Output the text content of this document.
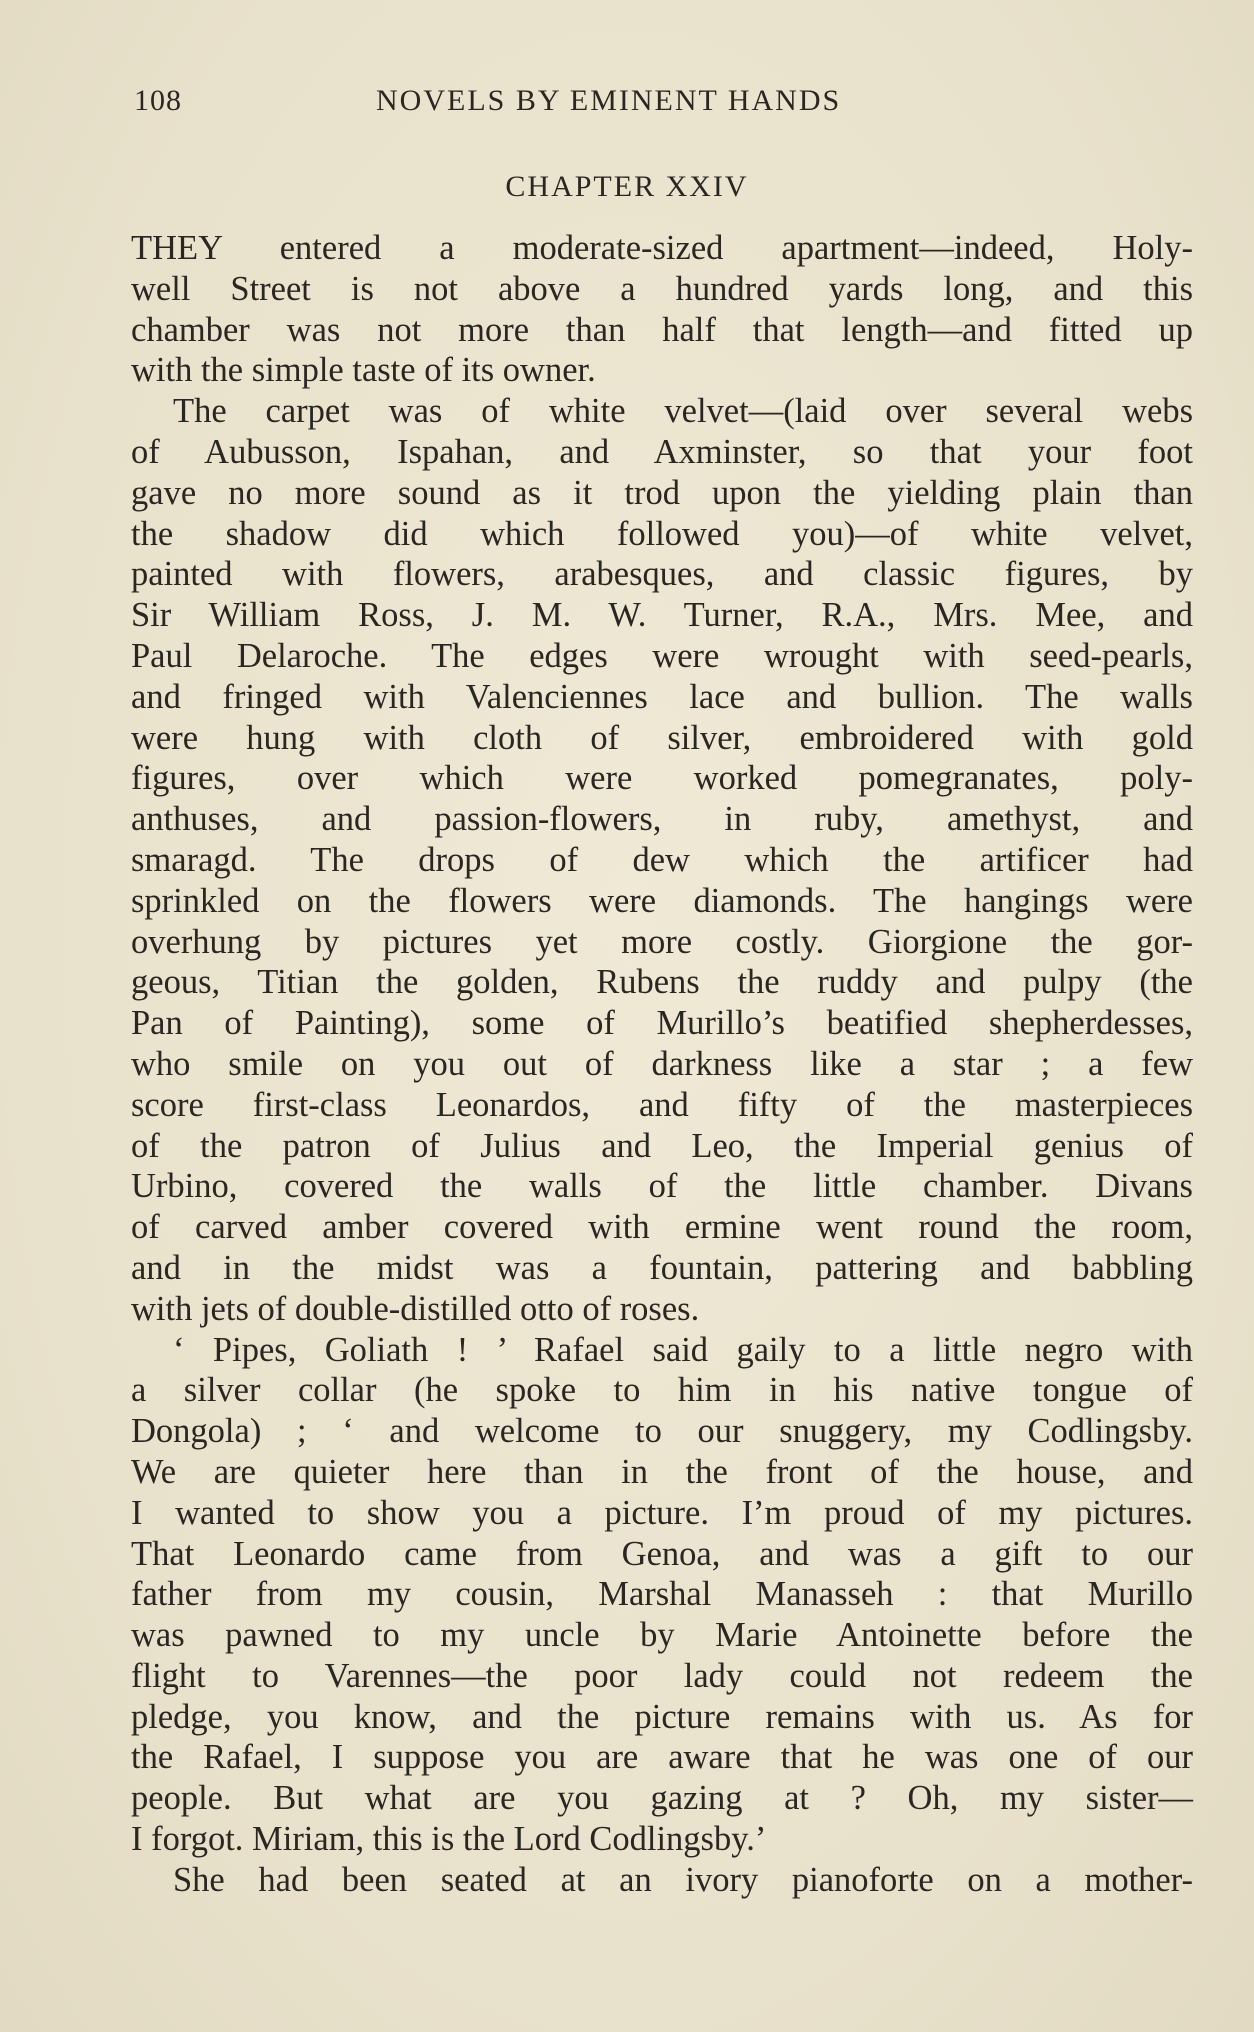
108	NOVELS BY EMINENT HANDS
CHAPTER XXIV
THEY entered a moderate-sized apartment—indeed, Holy-
well Street is not above a hundred yards long, and this
chamber was not more than half that length—and fitted up
with the simple taste of its owner.
The carpet was of white velvet—(laid over several webs
of Aubusson, Ispahan, and Axminster, so that your foot
gave no more sound as it trod upon the yielding plain than
the shadow did which followed you)—of white velvet,
painted with flowers, arabesques, and classic figures, by
Sir William Ross, J. M. W. Turner, R.A., Mrs. Mee, and
Paul Delaroche. The edges were wrought with seed-pearls,
and fringed with Valenciennes lace and bullion. The walls
were hung with cloth of silver, embroidered with gold
figures, over which were worked pomegranates, poly-
anthuses, and passion-flowers, in ruby, amethyst, and
smaragd. The drops of dew which the artificer had
sprinkled on the flowers were diamonds. The hangings were
overhung by pictures yet more costly. Giorgione the gor-
geous, Titian the golden, Rubens the ruddy and pulpy (the
Pan of Painting), some of Murillo’s beatified shepherdesses,
who smile on you out of darkness like a star ; a few
score first-class Leonardos, and fifty of the masterpieces
of the patron of Julius and Leo, the Imperial genius of
Urbino, covered the walls of the little chamber. Divans
of carved amber covered with ermine went round the room,
and in the midst was a fountain, pattering and babbling
with jets of double-distilled otto of roses.
‘ Pipes, Goliath ! ’ Rafael said gaily to a little negro with
a silver collar (he spoke to him in his native tongue of
Dongola) ; ‘ and welcome to our snuggery, my Codlingsby.
We are quieter here than in the front of the house, and
I wanted to show you a picture. I’m proud of my pictures.
That Leonardo came from Genoa, and was a gift to our
father from my cousin, Marshal Manasseh : that Murillo
was pawned to my uncle by Marie Antoinette before the
flight to Varennes—the poor lady could not redeem the
pledge, you know, and the picture remains with us. As for
the Rafael, I suppose you are aware that he was one of our
people. But what are you gazing at ? Oh, my sister—
I forgot. Miriam, this is the Lord Codlingsby.’
She had been seated at an ivory pianoforte on a mother-
